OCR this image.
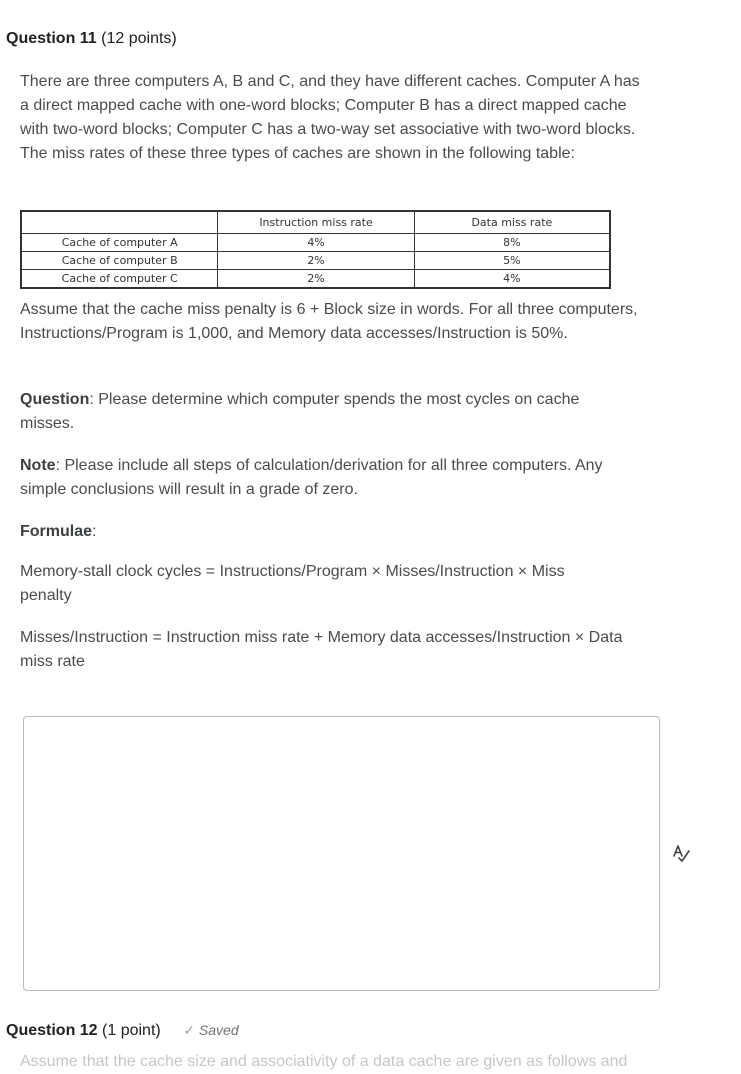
Question 11 (12 points)
There are three computers A, B and C, and they have different caches. Computer A has a direct mapped cache with one-word blocks; Computer B has a direct mapped cache with two-word blocks; Computer C has a two-way set associative with two-word blocks. The miss rates of these three types of caches are shown in the following table:
	Instruction miss rate	Data miss rate
Cache of computer A	4%	8%
Cache of computer B	2%	5%
Cache of computer C	2%	4%
Assume that the cache miss penalty is 6 + Block size in words. For all three computers, Instructions/Program is 1,000, and Memory data accesses/Instruction is 50%.
Question: Please determine which computer spends the most cycles on cache misses.
Note: Please include all steps of calculation/derivation for all three computers. Any simple conclusions will result in a grade of zero.
Formulae:
Memory-stall clock cycles = Instructions/Program × Misses/Instruction × Miss penalty
Misses/Instruction = Instruction miss rate + Memory data accesses/Instruction × Data miss rate
Question 12 (1 point) ✓ Saved
Assume that the cache size and associativity of a data cache are given as follows and
